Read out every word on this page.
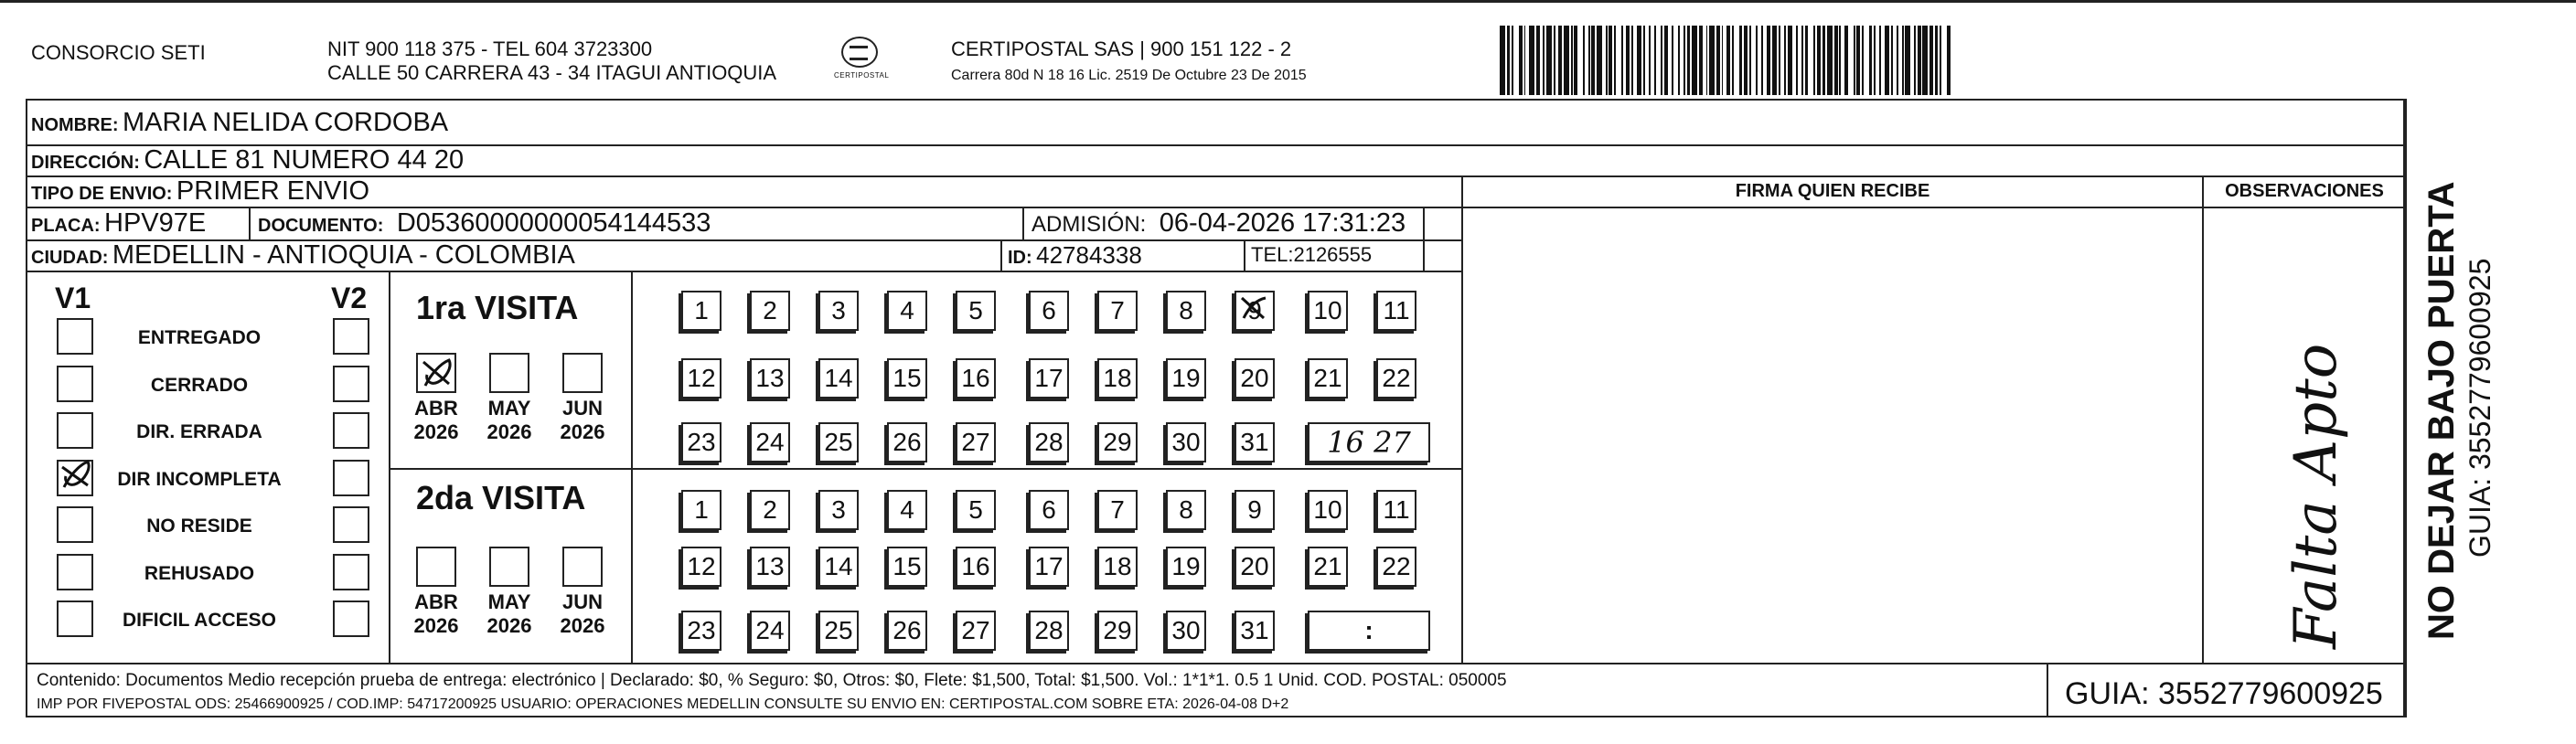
CONSORCIO SETI	NIT 900 118 375 - TEL 604 3723300
CALLE 50 CARRERA 43 - 34 ITAGUI ANTIOQUIA	CERTIPOSTAL
CERTIPOSTAL SAS | 900 151 122 - 2
Carrera 80d N 18 16 Lic. 2519 De Octubre 23 De 2015
NOMBRE: MARIA NELIDA CORDOBA
DIRECCIÓN: CALLE 81 NUMERO 44 20
TIPO DE ENVIO: PRIMER ENVIO	FIRMA QUIEN RECIBE	OBSERVACIONES
PLACA: HPV97E	DOCUMENTO: D05360000000054144533	ADMISIÓN: 06-04-2026 17:31:23
CIUDAD: MEDELLIN - ANTIOQUIA - COLOMBIA	ID: 42784338	TEL:2126555
V1	V2
ENTREGADO
CERRADO
DIR. ERRADA
DIR INCOMPLETA
NO RESIDE
REHUSADO
DIFICIL ACCESO
1ra VISITA
ABR
2026
MAY
2026
JUN
2026
1	2	3	4	5	6	7	8	9	10 11
12 13 14 15 16 17 18 19 20 21 22
23 24 25 26 27 28 29 30 31	16 27
2da VISITA
ABR
2026
MAY
2026
JUN
2026
1	2	3	4	5	6	7	8	9	10 11
12 13 14 15 16 17 18 19 20 21 22
23 24 25 26 27 28 29 30 31	:	Falta Apto
Contenido: Documentos Medio recepción prueba de entrega: electrónico | Declarado: $0, % Seguro: $0, Otros: $0, Flete: $1,500, Total: $1,500. Vol.: 1*1*1. 0.5 1 Unid. COD. POSTAL: 050005
IMP POR FIVEPOSTAL ODS: 25466900925 / COD.IMP: 54717200925 USUARIO: OPERACIONES MEDELLIN CONSULTE SU ENVIO EN: CERTIPOSTAL.COM SOBRE ETA: 2026-04-08 D+2	GUIA: 3552779600925
NO DEJAR BAJO PUERTA GUIA: 3552779600925
